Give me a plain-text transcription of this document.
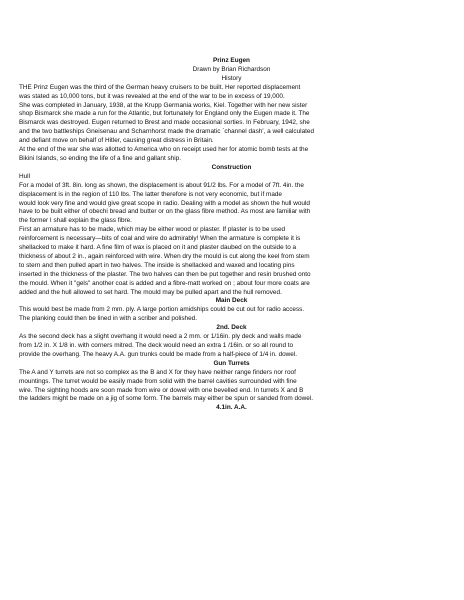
Prinz Eugen

Drawn by Brian Richardson

History

THE Prinz Eugen was the third of the German heavy cruisers to be built. Her reported displacement
was stated as 10,000 tons, but it was revealed at the end of the war to be in excess of 19,000.

She was completed in January, 1938, at the Krupp Germania works, Kiel. Together with her new sister
shop Bismarck she made a run for the Atlantic, but fortunately for England only the Eugen made it. The
Bismarck was destroyed. Eugen returned to Brest and made occasional sorties. In February, 1942, she
and the two battleships Gneisenau and Scharnhorst made the dramatic `channel dash', a well calculated
and defiant move on behalf of Hitler, causing great distress in Britain.

At the end of the war she was allotted to America who on receipt used her for atomic bomb tests at the
Bikini Islands, so ending the life of a fine and gallant ship.

Construction

Hull

For a model of 3ft. 8in. long as shown, the displacement is about 91/2 lbs. For a model of 7ft. 4in. the
displacement is in the region of 110 lbs. The latter therefore is not very economic, but if made
would look very fine and would give great scope in radio. Dealing with a model as shown the hull would
have to be built either of obechi bread and butter or on the glass fibre method. As most are familiar with
the former I shall explain the glass fibre.

First an armature has to be made, which may be either wood or plaster. If plaster is to be used
reinforcement is necessary—bits of coal and wire do admirably! When the armature is complete it is
shellacked to make it hard. A fine film of wax is placed on it and plaster daubed on the outside to a
thickness of about 2 in., again reinforced with wire. When dry the mould is cut along the keel from stem
to stern and then pulled apart in two halves. The inside is shellacked and waxed and locating pins
inserted in the thickness of the plaster. The two halves can then be put together and resin brushed onto
the mould. When it "gels" another coat is added and a fibre-matt worked on ; about four more coats are
added and the hull allowed to set hard. The mould may be pulled apart and the hull removed.

Main Deck

This would best be made from 2 mm. ply. A large portion amidships could be cut out for radio access.
The planking could then be lined in with a scriber and polished.

2nd. Deck

As the second deck has a slight overhang it would need a 2 mm. or 1/16in. ply deck and walls made
from 1/2 in. X 1/8 in. with corners mitred. The deck would need an extra 1 /16in. or so all round to
provide the overhang. The heavy A.A. gun trunks could be made from a half-piece of 1/4 in. dowel.

Gun Turrets

The A and Y turrets are not so complex as the B and X for they have neither range finders nor roof
mountings. The turret would be easily made from solid with the barrel cavities surrounded with fine
wire. The sighting hoods are soon made from wire or dowel with one bevelled end. In turrets X and B
the ladders might be made on a jig of some form. The barrels may either be spun or sanded from dowel.

4.1in. A.A.
